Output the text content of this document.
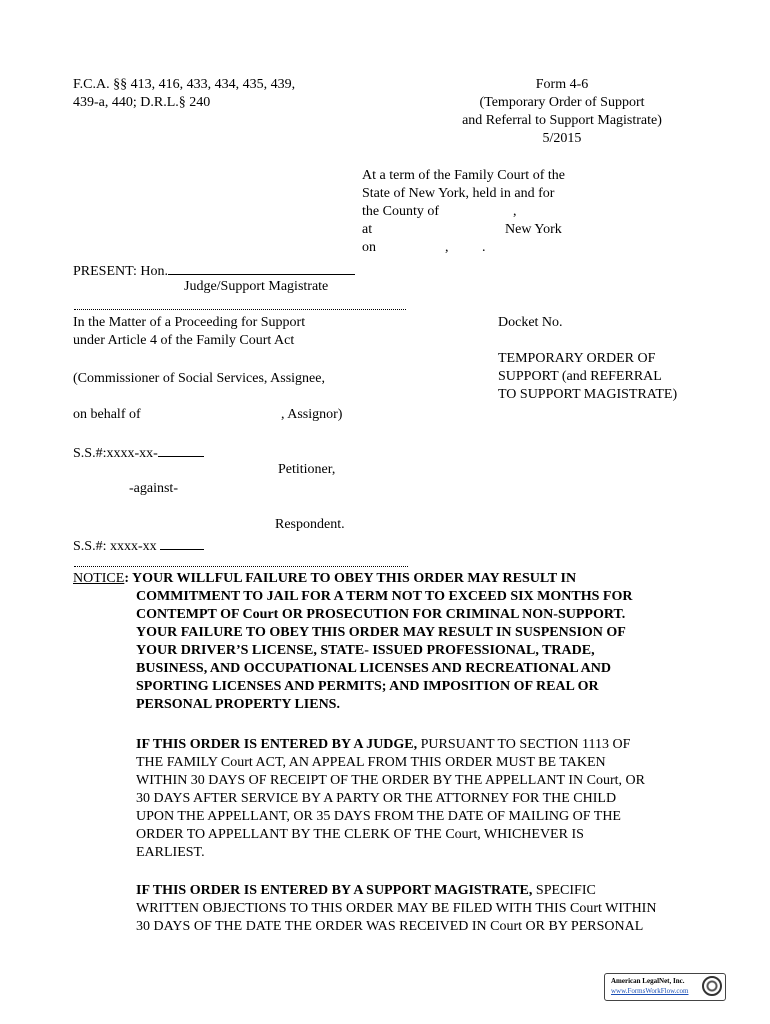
F.C.A. §§ 413, 416, 433, 434, 435, 439,
439-a, 440; D.R.L.§ 240
Form 4-6
(Temporary Order of Support
and Referral to Support Magistrate)
5/2015
At a term of the Family Court of the
State of New York, held in and for
the County of	,
at	New York
on	, .
PRESENT: Hon.
Judge/Support Magistrate
In the Matter of a Proceeding for Support
under Article 4 of the Family Court Act
(Commissioner of Social Services, Assignee,
on behalf of	, Assignor)
S.S.#:xxxx-xx-
Petitioner,
-against-
Respondent.
S.S.#: xxxx-xx
Docket No.
TEMPORARY ORDER OF
SUPPORT (and REFERRAL
TO SUPPORT MAGISTRATE)
NOTICE: YOUR WILLFUL FAILURE TO OBEY THIS ORDER MAY RESULT IN
COMMITMENT TO JAIL FOR A TERM NOT TO EXCEED SIX MONTHS FOR
CONTEMPT OF Court OR PROSECUTION FOR CRIMINAL NON-SUPPORT.
YOUR FAILURE TO OBEY THIS ORDER MAY RESULT IN SUSPENSION OF
YOUR DRIVER’S LICENSE, STATE- ISSUED PROFESSIONAL, TRADE,
BUSINESS, AND OCCUPATIONAL LICENSES AND RECREATIONAL AND
SPORTING LICENSES AND PERMITS; AND IMPOSITION OF REAL OR
PERSONAL PROPERTY LIENS.
IF THIS ORDER IS ENTERED BY A JUDGE, PURSUANT TO SECTION 1113 OF
THE FAMILY Court ACT, AN APPEAL FROM THIS ORDER MUST BE TAKEN
WITHIN 30 DAYS OF RECEIPT OF THE ORDER BY THE APPELLANT IN Court, OR
30 DAYS AFTER SERVICE BY A PARTY OR THE ATTORNEY FOR THE CHILD
UPON THE APPELLANT, OR 35 DAYS FROM THE DATE OF MAILING OF THE
ORDER TO APPELLANT BY THE CLERK OF THE Court, WHICHEVER IS
EARLIEST.
IF THIS ORDER IS ENTERED BY A SUPPORT MAGISTRATE, SPECIFIC
WRITTEN OBJECTIONS TO THIS ORDER MAY BE FILED WITH THIS Court WITHIN
30 DAYS OF THE DATE THE ORDER WAS RECEIVED IN Court OR BY PERSONAL
American LegalNet, Inc.
www.FormsWorkFlow.com
